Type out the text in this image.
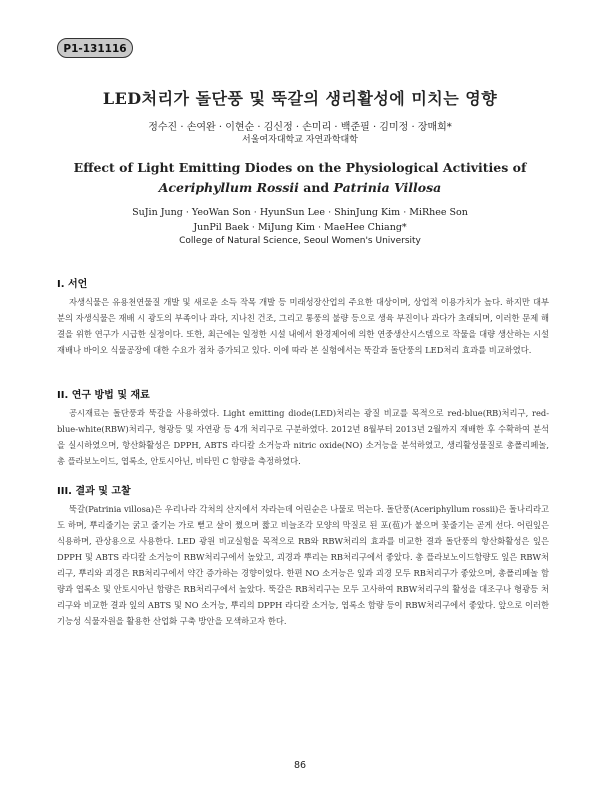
P1-131116
LED처리가 돌단풍 및 뚝갈의 생리활성에 미치는 영향
정수진 · 손여완 · 이현순 · 김신정 · 손미리 · 백준필 · 김미정 · 장매희*
서울여자대학교 자연과학대학
Effect of Light Emitting Diodes on the Physiological Activities of
Aceriphyllum Rossii and Patrinia Villosa
SuJin Jung · YeoWan Son · HyunSun Lee · ShinJung Kim · MiRhee Son
JunPil Baek · MiJung Kim · MaeHee Chiang*
College of Natural Science, Seoul Women's University
I. 서언
자생식물은 유용천연물질 개발 및 새로운 소득 작목 개발 등 미래성장산업의 주요한 대상이며, 상업적 이용가치가 높다. 하지만 대부분의 자생식물은 재배 시 광도의 부족이나 과다, 지나친 건조, 그리고 통풍의 불량 등으로 생육 부진이나 과다가 초래되며, 이러한 문제 해결을 위한 연구가 시급한 실정이다. 또한, 최근에는 일정한 시설 내에서 환경제어에 의한 연중생산시스템으로 작물을 대량 생산하는 시설재배나 바이오 식물공장에 대한 수요가 점차 증가되고 있다. 이에 따라 본 실험에서는 뚝갈과 돌단풍의 LED처리 효과를 비교하였다.
II. 연구 방법 및 재료
공시재료는 돌단풍과 뚝갈을 사용하였다. Light emitting diode(LED)처리는 광질 비교를 목적으로 red-blue(RB)처리구, red-blue-white(RBW)처리구, 형광등 및 자연광 등 4개 처리구로 구분하였다. 2012년 8월부터 2013년 2월까지 재배한 후 수확하여 분석을 실시하였으며, 항산화활성은 DPPH, ABTS 라디칼 소거능과 nitric oxide(NO) 소거능을 분석하였고, 생리활성물질로 총폴리페놀, 총 플라보노이드, 엽록소, 안토시아닌, 비타민 C 함량을 측정하였다.
III. 결과 및 고찰
뚝갈(Patrinia villosa)은 우리나라 각처의 산지에서 자라는데 어린순은 나물로 먹는다. 돌단풍(Aceriphyllum rossii)은 돌나리라고도 하며, 뿌리줄기는 굵고 줄기는 가로 뻗고 살이 쪘으며 짧고 비늘조각 모양의 막질로 된 포(苞)가 붙으며 꽃줄기는 곧게 선다. 어린잎은 식용하며, 관상용으로 사용한다. LED 광원 비교실험을 목적으로 RB와 RBW처리의 효과를 비교한 결과 돌단풍의 항산화활성은 잎은 DPPH 및 ABTS 라디칼 소거능이 RBW처리구에서 높았고, 괴경과 뿌리는 RB처리구에서 좋았다. 총 플라보노이드함량도 잎은 RBW처리구, 뿌리와 괴경은 RB처리구에서 약간 증가하는 경향이었다. 한편 NO 소거능은 잎과 괴경 모두 RB처리구가 좋았으며, 총폴리페놀 함량과 엽록소 및 안토시아닌 함량은 RB처리구에서 높았다. 뚝갈은 RB처리구는 모두 고사하여 RBW처리구의 활성을 대조구나 형광등 처리구와 비교한 결과 잎의 ABTS 및 NO 소거능, 뿌리의 DPPH 라디칼 소거능, 엽록소 함량 등이 RBW처리구에서 좋았다. 앞으로 이러한 기능성 식물자원을 활용한 산업화 구축 방안을 모색하고자 한다.
86
